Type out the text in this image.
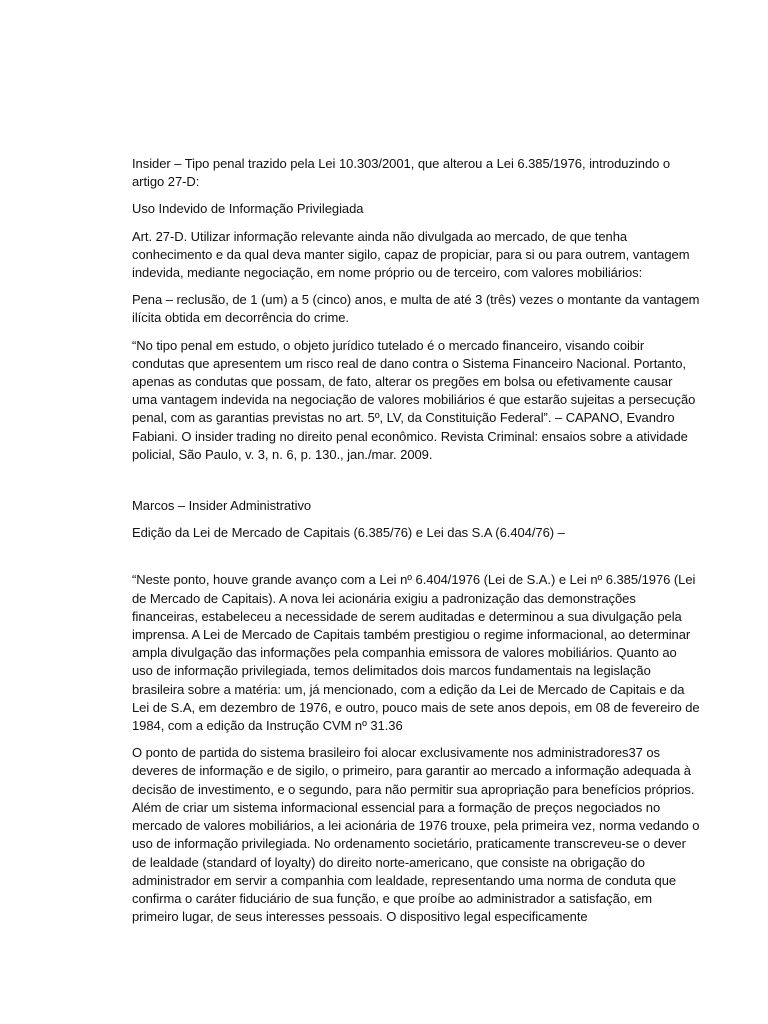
Insider – Tipo penal trazido pela Lei 10.303/2001, que alterou a Lei 6.385/1976, introduzindo o artigo 27-D:

Uso Indevido de Informação Privilegiada

Art. 27-D. Utilizar informação relevante ainda não divulgada ao mercado, de que tenha conhecimento e da qual deva manter sigilo, capaz de propiciar, para si ou para outrem, vantagem indevida, mediante negociação, em nome próprio ou de terceiro, com valores mobiliários:

Pena – reclusão, de 1 (um) a 5 (cinco) anos, e multa de até 3 (três) vezes o montante da vantagem ilícita obtida em decorrência do crime.

“No tipo penal em estudo, o objeto jurídico tutelado é o mercado financeiro, visando coibir condutas que apresentem um risco real de dano contra o Sistema Financeiro Nacional. Portanto, apenas as condutas que possam, de fato, alterar os pregões em bolsa ou efetivamente causar uma vantagem indevida na negociação de valores mobiliários é que estarão sujeitas a persecução penal, com as garantias previstas no art. 5º, LV, da Constituição Federal”. – CAPANO, Evandro Fabiani. O insider trading no direito penal econômico. Revista Criminal: ensaios sobre a atividade policial, São Paulo, v. 3, n. 6, p. 130., jan./mar. 2009.

Marcos – Insider Administrativo

Edição da Lei de Mercado de Capitais (6.385/76) e Lei das S.A (6.404/76) –

“Neste ponto, houve grande avanço com a Lei nº 6.404/1976 (Lei de S.A.) e Lei nº 6.385/1976 (Lei de Mercado de Capitais). A nova lei acionária exigiu a padronização das demonstrações financeiras, estabeleceu a necessidade de serem auditadas e determinou a sua divulgação pela imprensa. A Lei de Mercado de Capitais também prestigiou o regime informacional, ao determinar ampla divulgação das informações pela companhia emissora de valores mobiliários. Quanto ao uso de informação privilegiada, temos delimitados dois marcos fundamentais na legislação brasileira sobre a matéria: um, já mencionado, com a edição da Lei de Mercado de Capitais e da Lei de S.A, em dezembro de 1976, e outro, pouco mais de sete anos depois, em 08 de fevereiro de 1984, com a edição da Instrução CVM nº 31.36

O ponto de partida do sistema brasileiro foi alocar exclusivamente nos administradores37 os deveres de informação e de sigilo, o primeiro, para garantir ao mercado a informação adequada à decisão de investimento, e o segundo, para não permitir sua apropriação para benefícios próprios. Além de criar um sistema informacional essencial para a formação de preços negociados no mercado de valores mobiliários, a lei acionária de 1976 trouxe, pela primeira vez, norma vedando o uso de informação privilegiada. No ordenamento societário, praticamente transcreveu-se o dever de lealdade (standard of loyalty) do direito norte-americano, que consiste na obrigação do administrador em servir a companhia com lealdade, representando uma norma de conduta que confirma o caráter fiduciário de sua função, e que proíbe ao administrador a satisfação, em primeiro lugar, de seus interesses pessoais. O dispositivo legal especificamente
